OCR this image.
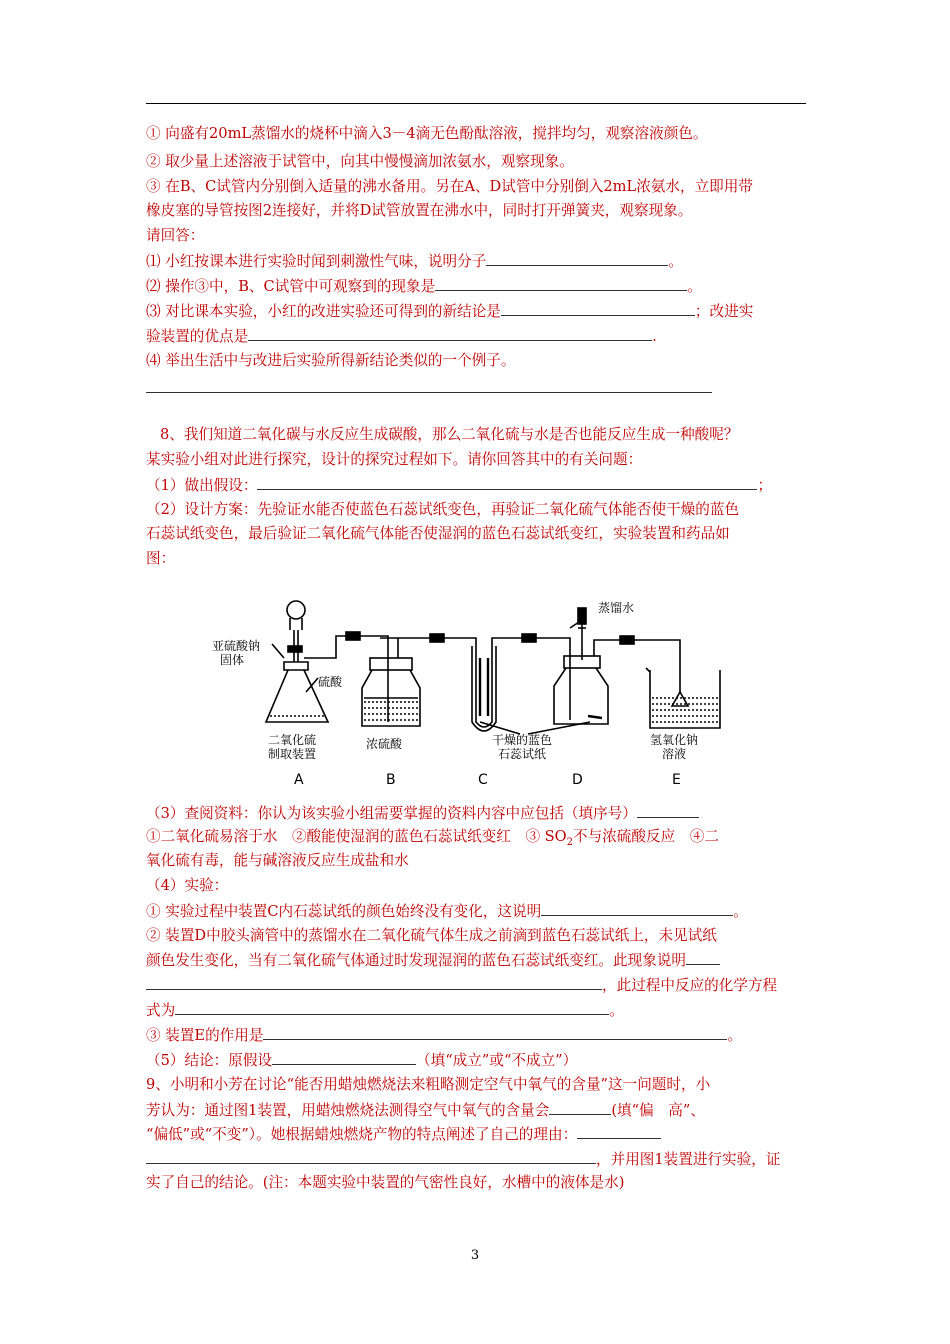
① 向盛有20mL蒸馏水的烧杯中滴入3－4滴无色酚酞溶液，搅拌均匀，观察溶液颜色。
② 取少量上述溶液于试管中，向其中慢慢滴加浓氨水，观察现象。
③ 在B、C试管内分别倒入适量的沸水备用。另在A、D试管中分别倒入2mL浓氨水，立即用带
橡皮塞的导管按图2连接好，并将D试管放置在沸水中，同时打开弹簧夹，观察现象。
请回答：
⑴ 小红按课本进行实验时闻到刺激性气味，说明分子	。
⑵ 操作③中，B、C试管中可观察到的现象是	。
⑶ 对比课本实验，小红的改进实验还可得到的新结论是	；改进实
验装置的优点是	.
⑷ 举出生活中与改进后实验所得新结论类似的一个例子。
8、我们知道二氧化碳与水反应生成碳酸，那么二氧化硫与水是否也能反应生成一种酸呢？
某实验小组对此进行探究，设计的探究过程如下。请你回答其中的有关问题：
（1）做出假设：	；
（2）设计方案：先验证水能否使蓝色石蕊试纸变色，再验证二氧化硫气体能否使干燥的蓝色
石蕊试纸变色，最后验证二氧化硫气体能否使湿润的蓝色石蕊试纸变红，实验装置和药品如
图：
蒸馏水
亚硫酸钠
固体
硫酸
二氧化硫
制取装置
浓硫酸	干燥的蓝色
石蕊试纸
氢氧化钠
溶液
A	B	C	D	E
（3）查阅资料：你认为该实验小组需要掌握的资料内容中应包括（填序号）
①二氧化硫易溶于水　②酸能使湿润的蓝色石蕊试纸变红　③ $SO_2$不与浓硫酸反应　④二
氧化硫有毒，能与碱溶液反应生成盐和水
（4）实验：
① 实验过程中装置C内石蕊试纸的颜色始终没有变化，这说明	。
② 装置D中胶头滴管中的蒸馏水在二氧化硫气体生成之前滴到蓝色石蕊试纸上，未见试纸
颜色发生变化，当有二氧化硫气体通过时发现湿润的蓝色石蕊试纸变红。此现象说明
，此过程中反应的化学方程
式为	。
③ 装置E的作用是	。
（5）结论：原假设	（填“成立”或“不成立”）
9、小明和小芳在讨论“能否用蜡烛燃烧法来粗略测定空气中氧气的含量”这一问题时，小
芳认为：通过图1装置，用蜡烛燃烧法测得空气中氧气的含量会	(填“偏　高”、
“偏低”或“不变”）。她根据蜡烛燃烧产物的特点阐述了自己的理由：
，并用图1装置进行实验，证
实了自己的结论。(注：本题实验中装置的气密性良好，水槽中的液体是水)
3
